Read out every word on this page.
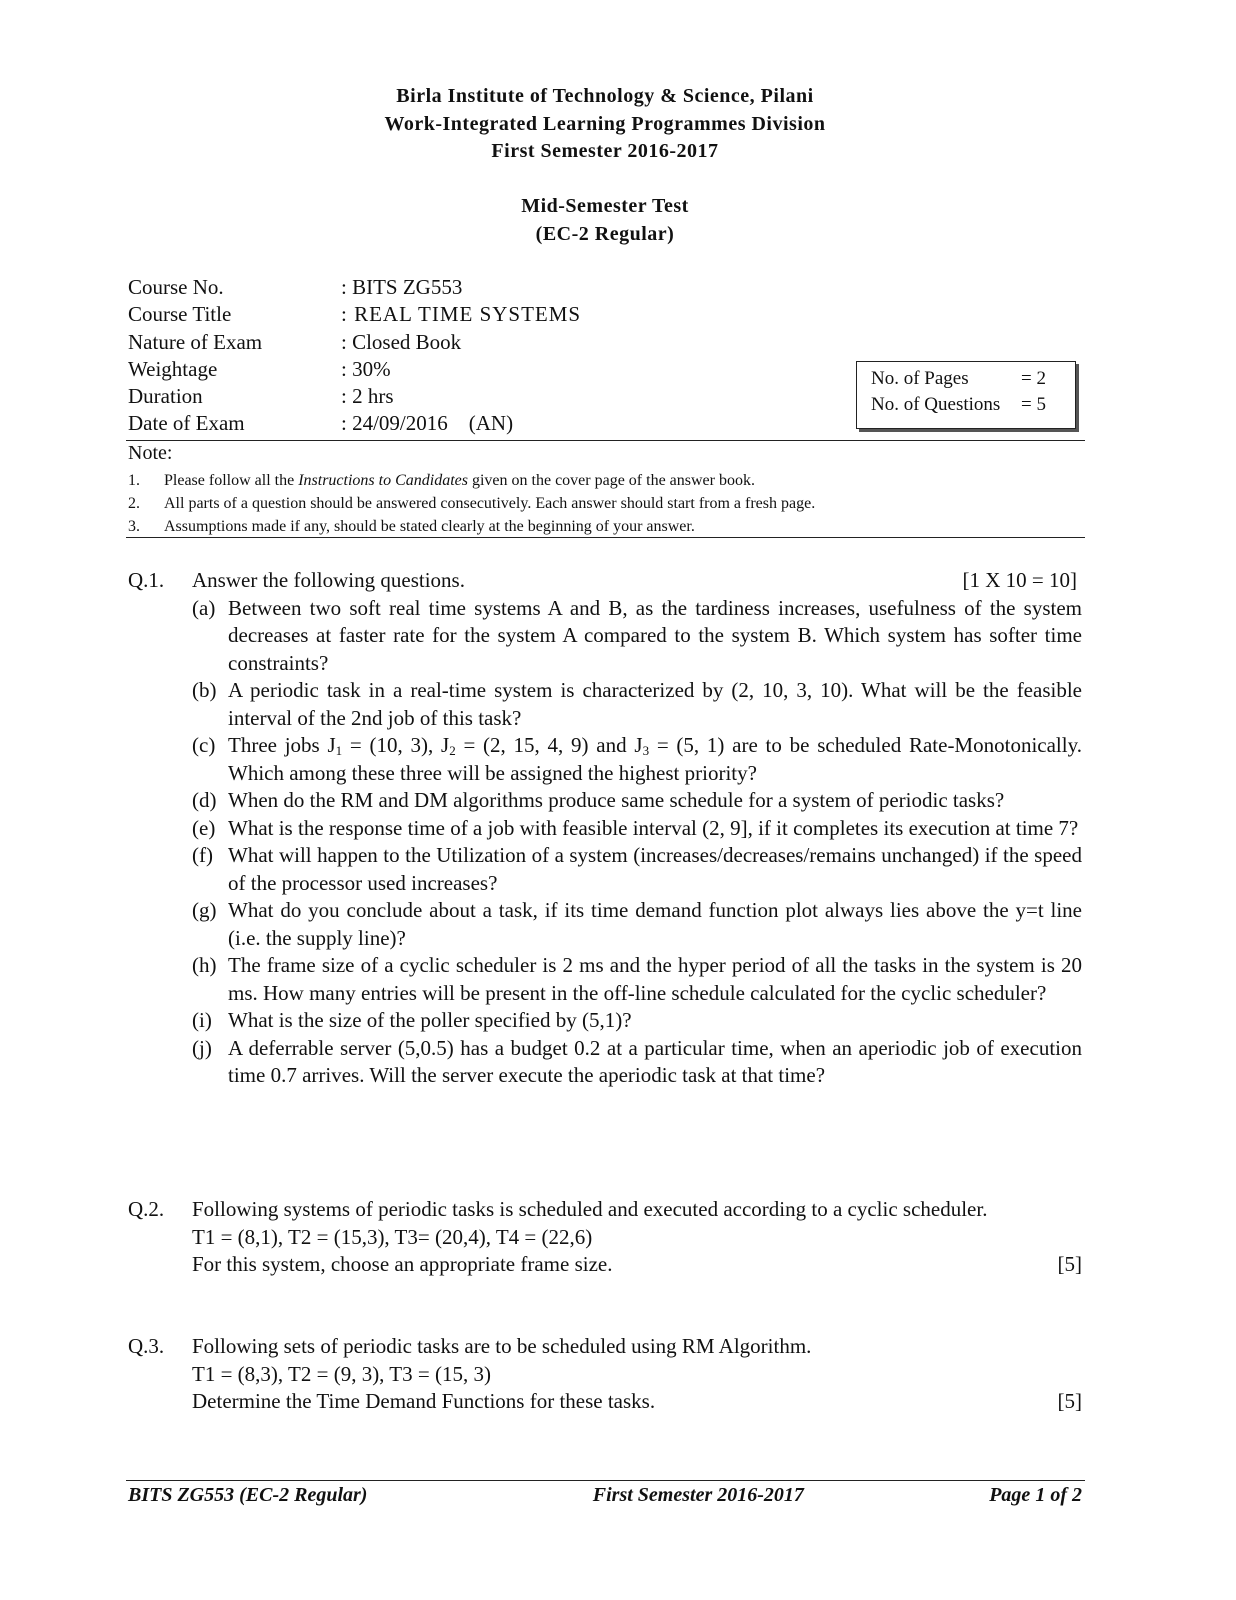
Birla Institute of Technology & Science, Pilani
Work-Integrated Learning Programmes Division
First Semester 2016-2017
Mid-Semester Test
(EC-2 Regular)
Course No.	: BITS ZG553
Course Title	: REAL TIME SYSTEMS
Nature of Exam	: Closed Book
Weightage	: 30%
Duration	: 2 hrs
Date of Exam	: 24/09/2016    (AN)
No. of Pages	= 2
No. of Questions	= 5
Note:
1.	Please follow all the Instructions to Candidates given on the cover page of the answer book.
2.	All parts of a question should be answered consecutively. Each answer should start from a fresh page.
3.	Assumptions made if any, should be stated clearly at the beginning of your answer.
Q.1.	Answer the following questions.	[1 X 10 = 10]
(a) Between two soft real time systems A and B, as the tardiness increases, usefulness of the system decreases at faster rate for the system A compared to the system B. Which system has softer time constraints?
(b) A periodic task in a real-time system is characterized by (2, 10, 3, 10). What will be the feasible interval of the 2nd job of this task?
(c) Three jobs $J_1 = (10$, 3), $J_2 = (2$, 15, 4, 9) and $J_3 = (5$, 1) are to be scheduled Rate-Monotonically. Which among these three will be assigned the highest priority?
(d) When do the RM and DM algorithms produce same schedule for a system of periodic tasks?
(e) What is the response time of a job with feasible interval (2, 9], if it completes its execution at time 7?
(f) What will happen to the Utilization of a system (increases/decreases/remains unchanged) if the speed of the processor used increases?
(g) What do you conclude about a task, if its time demand function plot always lies above the y=t line (i.e. the supply line)?
(h) The frame size of a cyclic scheduler is 2 ms and the hyper period of all the tasks in the system is 20 ms. How many entries will be present in the off-line schedule calculated for the cyclic scheduler?
(i) What is the size of the poller specified by (5,1)?
(j) A deferrable server (5,0.5) has a budget 0.2 at a particular time, when an aperiodic job of execution time 0.7 arrives. Will the server execute the aperiodic task at that time?
Q.2.	Following systems of periodic tasks is scheduled and executed according to a cyclic scheduler.
T1 = (8,1), T2 = (15,3), T3= (20,4), T4 = (22,6)
For this system, choose an appropriate frame size.	[5]
Q.3.	Following sets of periodic tasks are to be scheduled using RM Algorithm.
T1 = (8,3), T2 = (9, 3), T3 = (15, 3)
Determine the Time Demand Functions for these tasks.	[5]
BITS ZG553 (EC-2 Regular)	First Semester 2016-2017	Page 1 of 2
